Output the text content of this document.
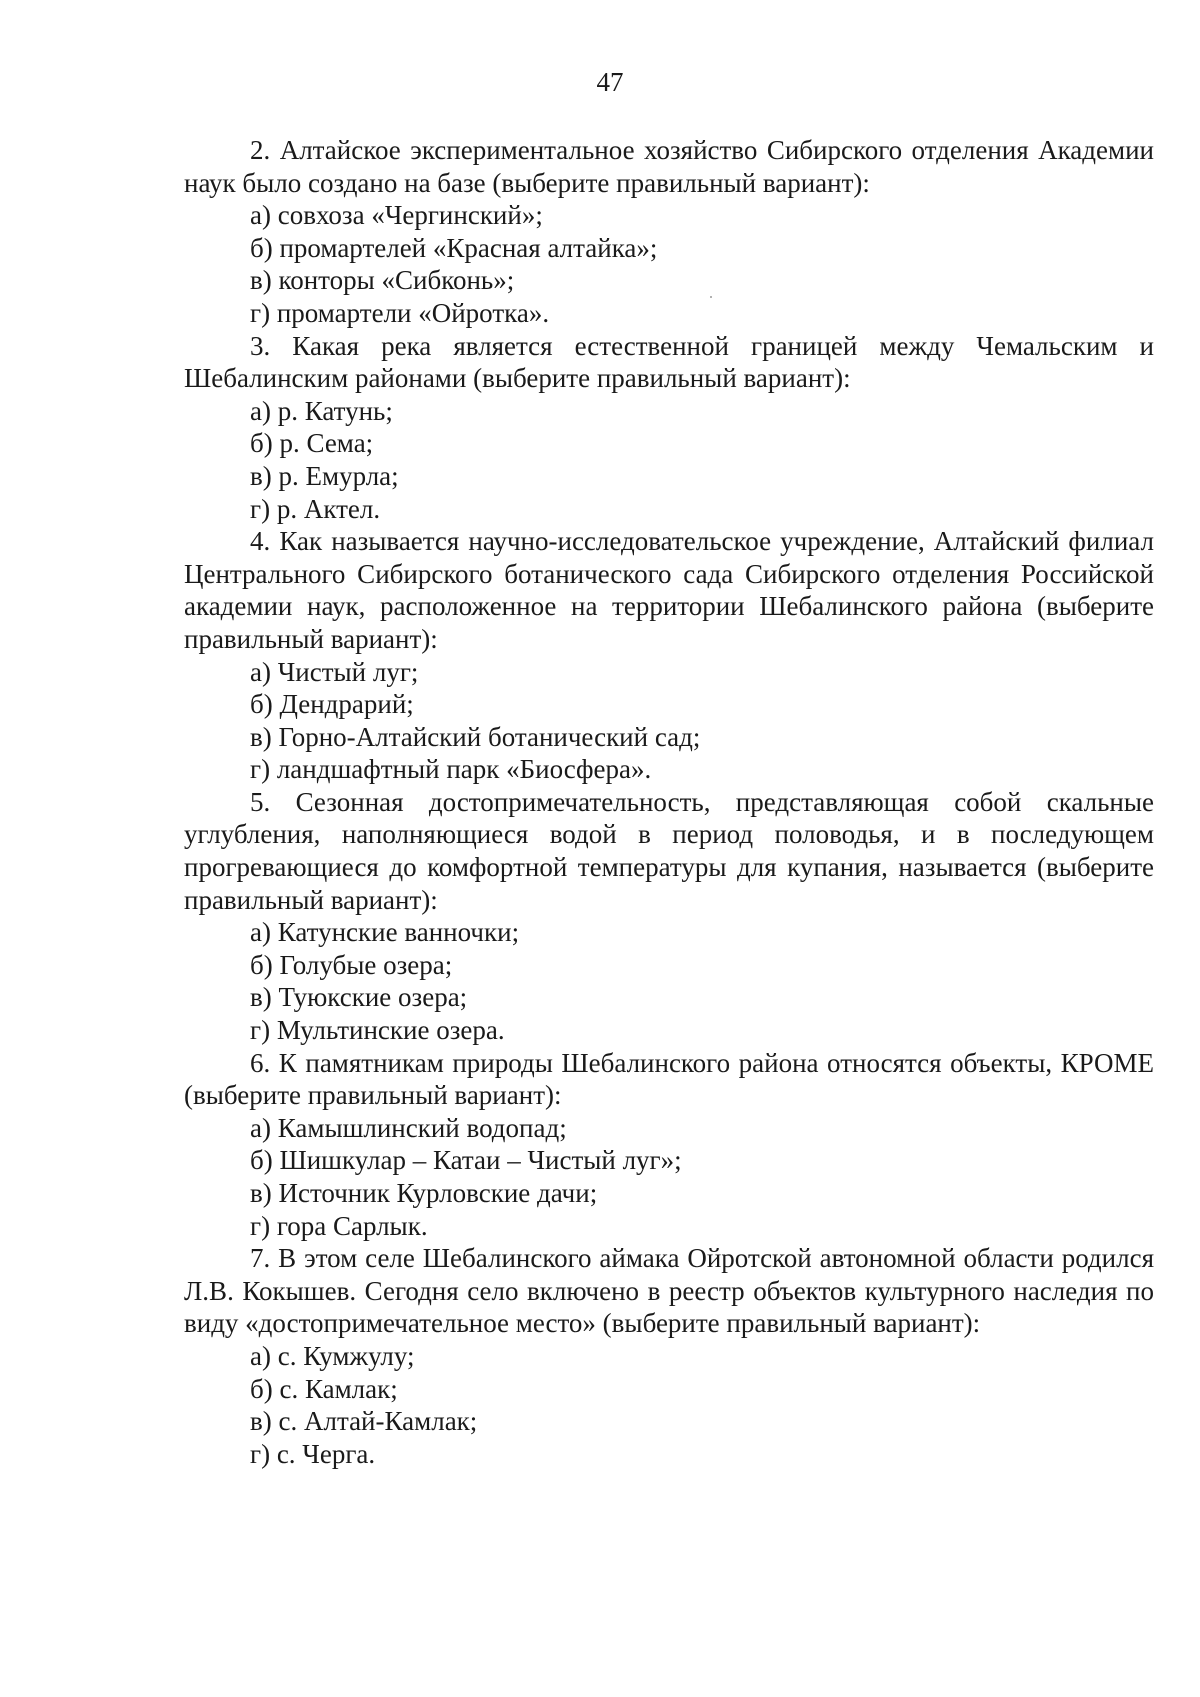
47

2. Алтайское экспериментальное хозяйство Сибирского отделения Академии наук было создано на базе (выберите правильный вариант):

а) совхоза «Чергинский»;

б) промартелей «Красная алтайка»;

в) конторы «Сибконь»;

г) промартели «Ойротка».

3. Какая река является естественной границей между Чемальским и Шебалинским районами (выберите правильный вариант):

а) р. Катунь;

б) р. Сема;

в) р. Емурла;

г) р. Актел.

4. Как называется научно-исследовательское учреждение, Алтайский филиал Центрального Сибирского ботанического сада Сибирского отделения Российской академии наук, расположенное на территории Шебалинского района (выберите правильный вариант):

а) Чистый луг;

б) Дендрарий;

в) Горно-Алтайский ботанический сад;

г) ландшафтный парк «Биосфера».

5. Сезонная достопримечательность, представляющая собой скальные углубления, наполняющиеся водой в период половодья, и в последующем прогревающиеся до комфортной температуры для купания, называется (выберите правильный вариант):

а) Катунские ванночки;

б) Голубые озера;

в) Туюкские озера;

г) Мультинские озера.

6. К памятникам природы Шебалинского района относятся объекты, КРОМЕ (выберите правильный вариант):

а) Камышлинский водопад;

б) Шишкулар – Катаи – Чистый луг»;

в) Источник Курловские дачи;

г) гора Сарлык.

7. В этом селе Шебалинского аймака Ойротской автономной области родился Л.В. Кокышев. Сегодня село включено в реестр объектов культурного наследия по виду «достопримечательное место» (выберите правильный вариант):

а) с. Кумжулу;

б) с. Камлак;

в) с. Алтай-Камлак;

г) с. Черга.
